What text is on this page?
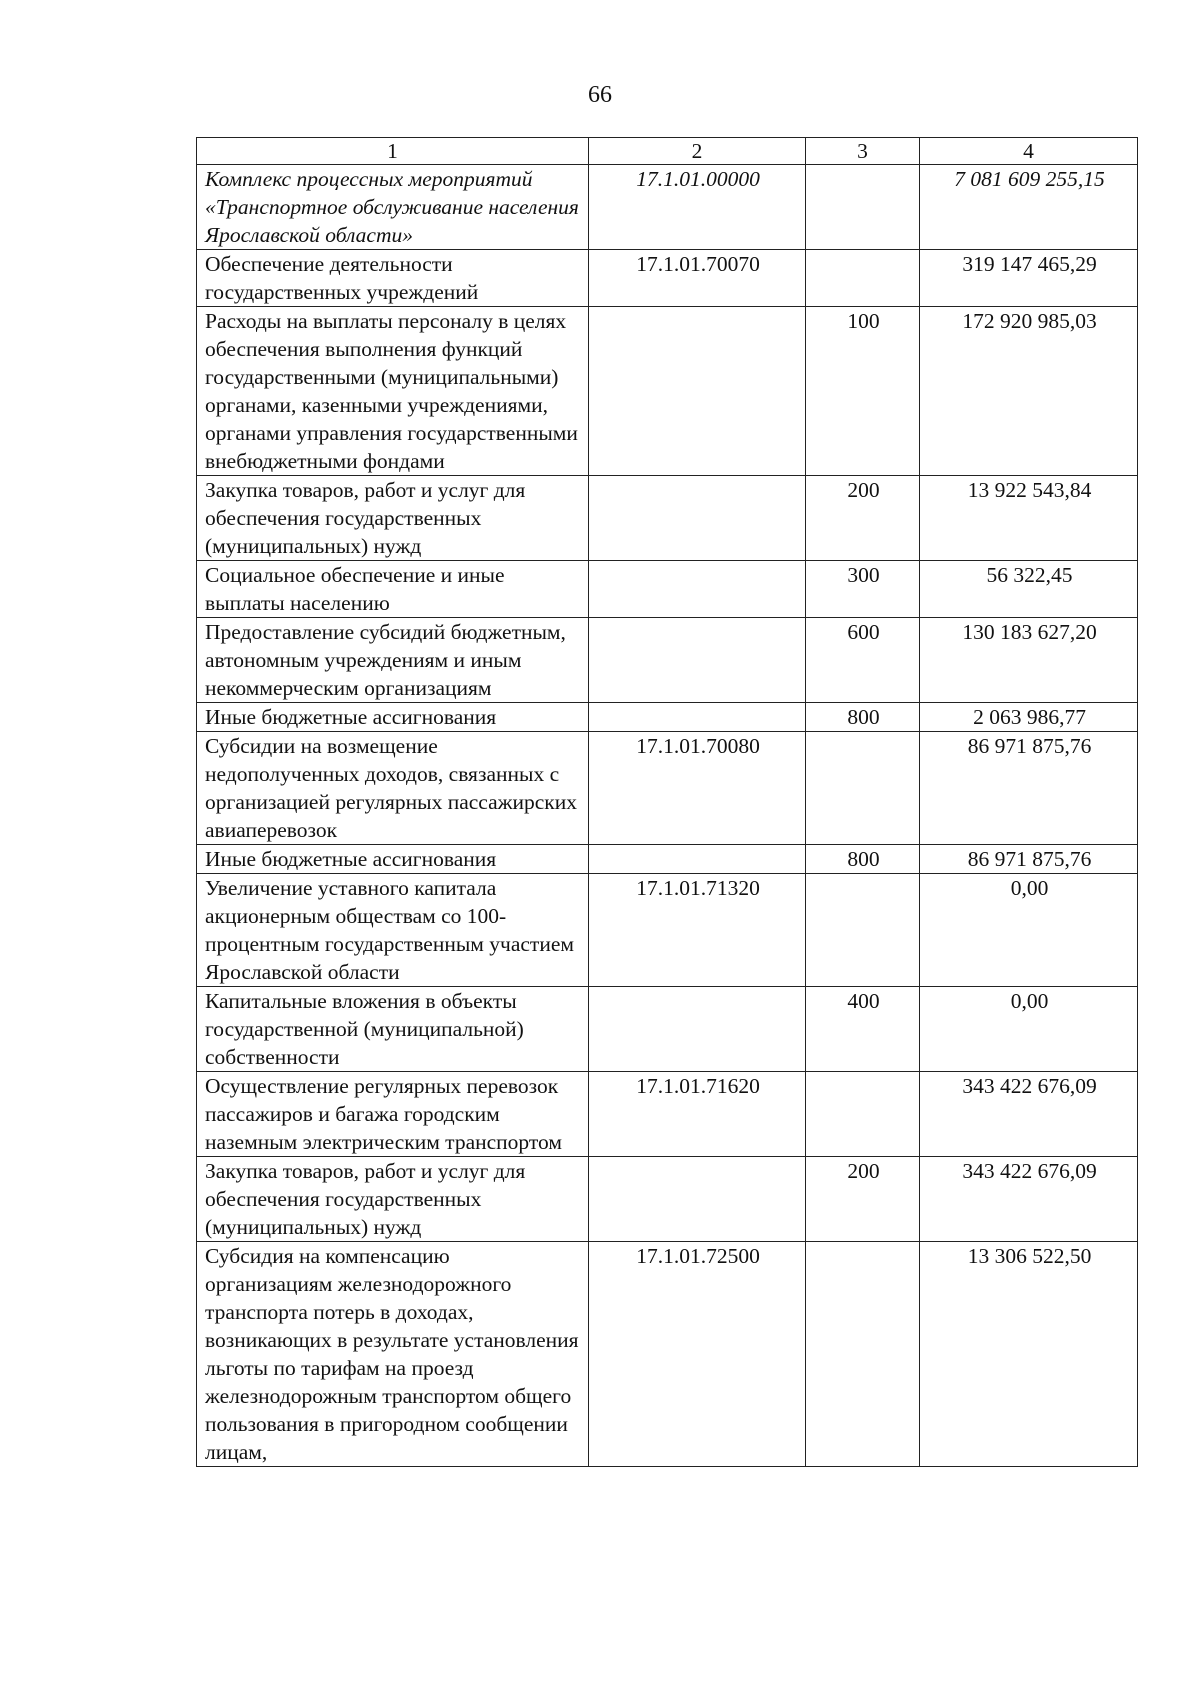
66
1	2	3	4
Комплекс процессных мероприятий «Транспортное обслуживание населения Ярославской области»	17.1.01.00000		7 081 609 255,15
Обеспечение деятельности государственных учреждений	17.1.01.70070		319 147 465,29
Расходы на выплаты персоналу в целях обеспечения выполнения функций государственными (муниципальными) органами, казенными учреждениями, органами управления государственными внебюджетными фондами		100	172 920 985,03
Закупка товаров, работ и услуг для обеспечения государственных (муниципальных) нужд		200	13 922 543,84
Социальное обеспечение и иные выплаты населению		300	56 322,45
Предоставление субсидий бюджетным, автономным учреждениям и иным некоммерческим организациям		600	130 183 627,20
Иные бюджетные ассигнования		800	2 063 986,77
Субсидии на возмещение недополученных доходов, связанных с организацией регулярных пассажирских авиаперевозок	17.1.01.70080		86 971 875,76
Иные бюджетные ассигнования		800	86 971 875,76
Увеличение уставного капитала акционерным обществам со 100-процентным государственным участием Ярославской области	17.1.01.71320		0,00
Капитальные вложения в объекты государственной (муниципальной) собственности		400	0,00
Осуществление регулярных перевозок пассажиров и багажа городским наземным электрическим транспортом	17.1.01.71620		343 422 676,09
Закупка товаров, работ и услуг для обеспечения государственных (муниципальных) нужд		200	343 422 676,09
Субсидия на компенсацию организациям железнодорожного транспорта потерь в доходах, возникающих в результате установления льготы по тарифам на проезд железнодорожным транспортом общего пользования в пригородном сообщении лицам,	17.1.01.72500		13 306 522,50
